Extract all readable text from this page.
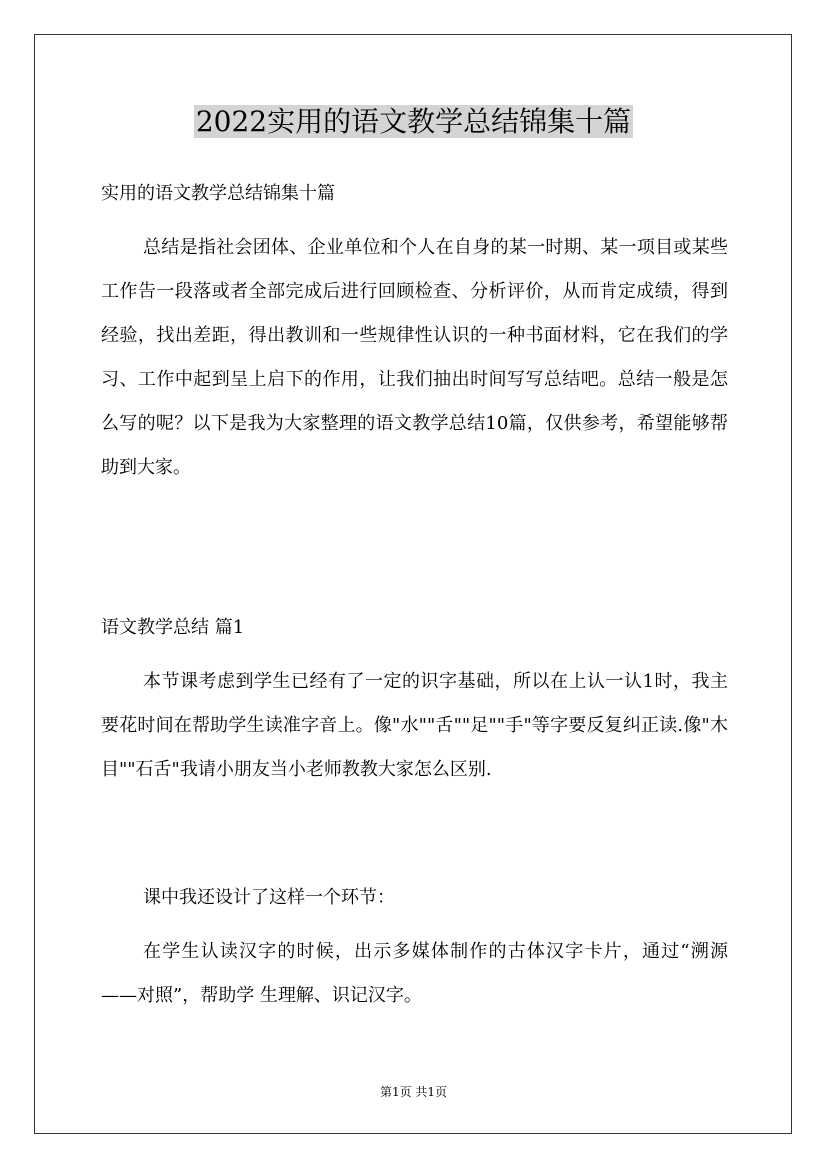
2022实用的语文教学总结锦集十篇
实用的语文教学总结锦集十篇
总结是指社会团体、企业单位和个人在自身的某一时期、某一项目或某些工作告一段落或者全部完成后进行回顾检查、分析评价，从而肯定成绩，得到经验，找出差距，得出教训和一些规律性认识的一种书面材料，它在我们的学习、工作中起到呈上启下的作用，让我们抽出时间写写总结吧。总结一般是怎么写的呢？以下是我为大家整理的语文教学总结10篇，仅供参考，希望能够帮助到大家。
语文教学总结 篇1
本节课考虑到学生已经有了一定的识字基础，所以在上认一认1时，我主要花时间在帮助学生读准字音上。像"水""舌""足""手"等字要反复纠正读.像"木 目""石舌"我请小朋友当小老师教教大家怎么区别.
课中我还设计了这样一个环节：
在学生认读汉字的时候，出示多媒体制作的古体汉字卡片，通过“溯源——对照”，帮助学 生理解、识记汉字。
第1页 共1页
